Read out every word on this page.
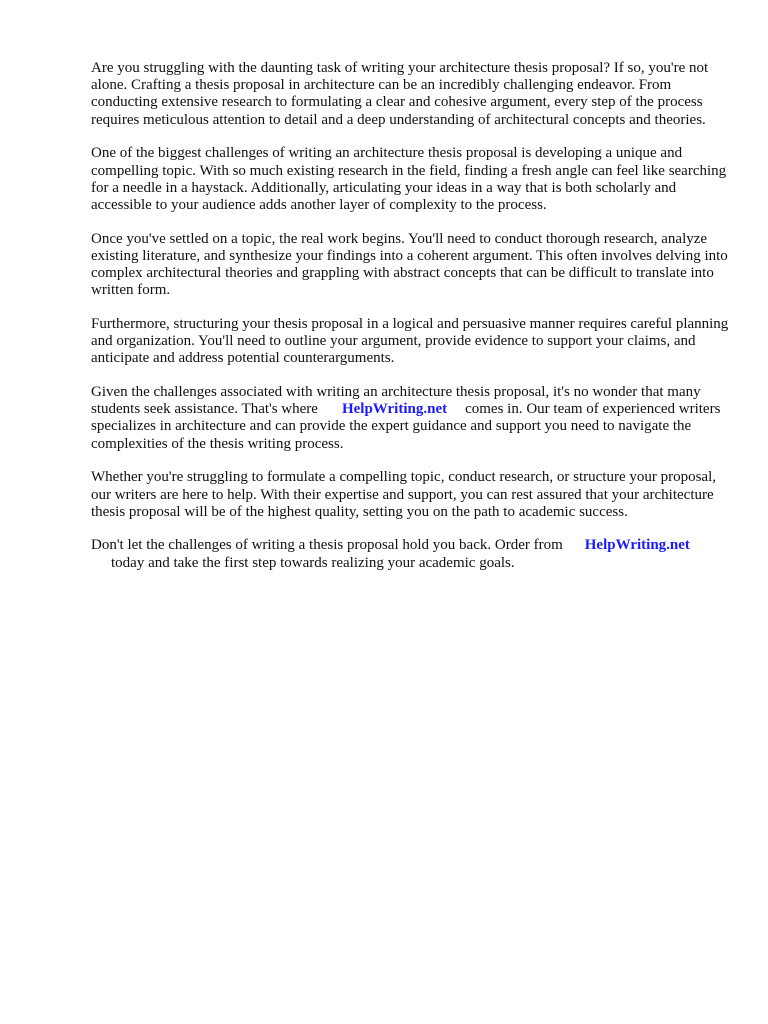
Are you struggling with the daunting task of writing your architecture thesis proposal? If so, you're not alone. Crafting a thesis proposal in architecture can be an incredibly challenging endeavor. From conducting extensive research to formulating a clear and cohesive argument, every step of the process requires meticulous attention to detail and a deep understanding of architectural concepts and theories.

One of the biggest challenges of writing an architecture thesis proposal is developing a unique and compelling topic. With so much existing research in the field, finding a fresh angle can feel like searching for a needle in a haystack. Additionally, articulating your ideas in a way that is both scholarly and accessible to your audience adds another layer of complexity to the process.

Once you've settled on a topic, the real work begins. You'll need to conduct thorough research, analyze existing literature, and synthesize your findings into a coherent argument. This often involves delving into complex architectural theories and grappling with abstract concepts that can be difficult to translate into written form.

Furthermore, structuring your thesis proposal in a logical and persuasive manner requires careful planning and organization. You'll need to outline your argument, provide evidence to support your claims, and anticipate and address potential counterarguments.

Given the challenges associated with writing an architecture thesis proposal, it's no wonder that many students seek assistance. That's where HelpWriting.net comes in. Our team of experienced writers specializes in architecture and can provide the expert guidance and support you need to navigate the complexities of the thesis writing process.

Whether you're struggling to formulate a compelling topic, conduct research, or structure your proposal, our writers are here to help. With their expertise and support, you can rest assured that your architecture thesis proposal will be of the highest quality, setting you on the path to academic success.

Don't let the challenges of writing a thesis proposal hold you back. Order from HelpWriting.net
today and take the first step towards realizing your academic goals.
